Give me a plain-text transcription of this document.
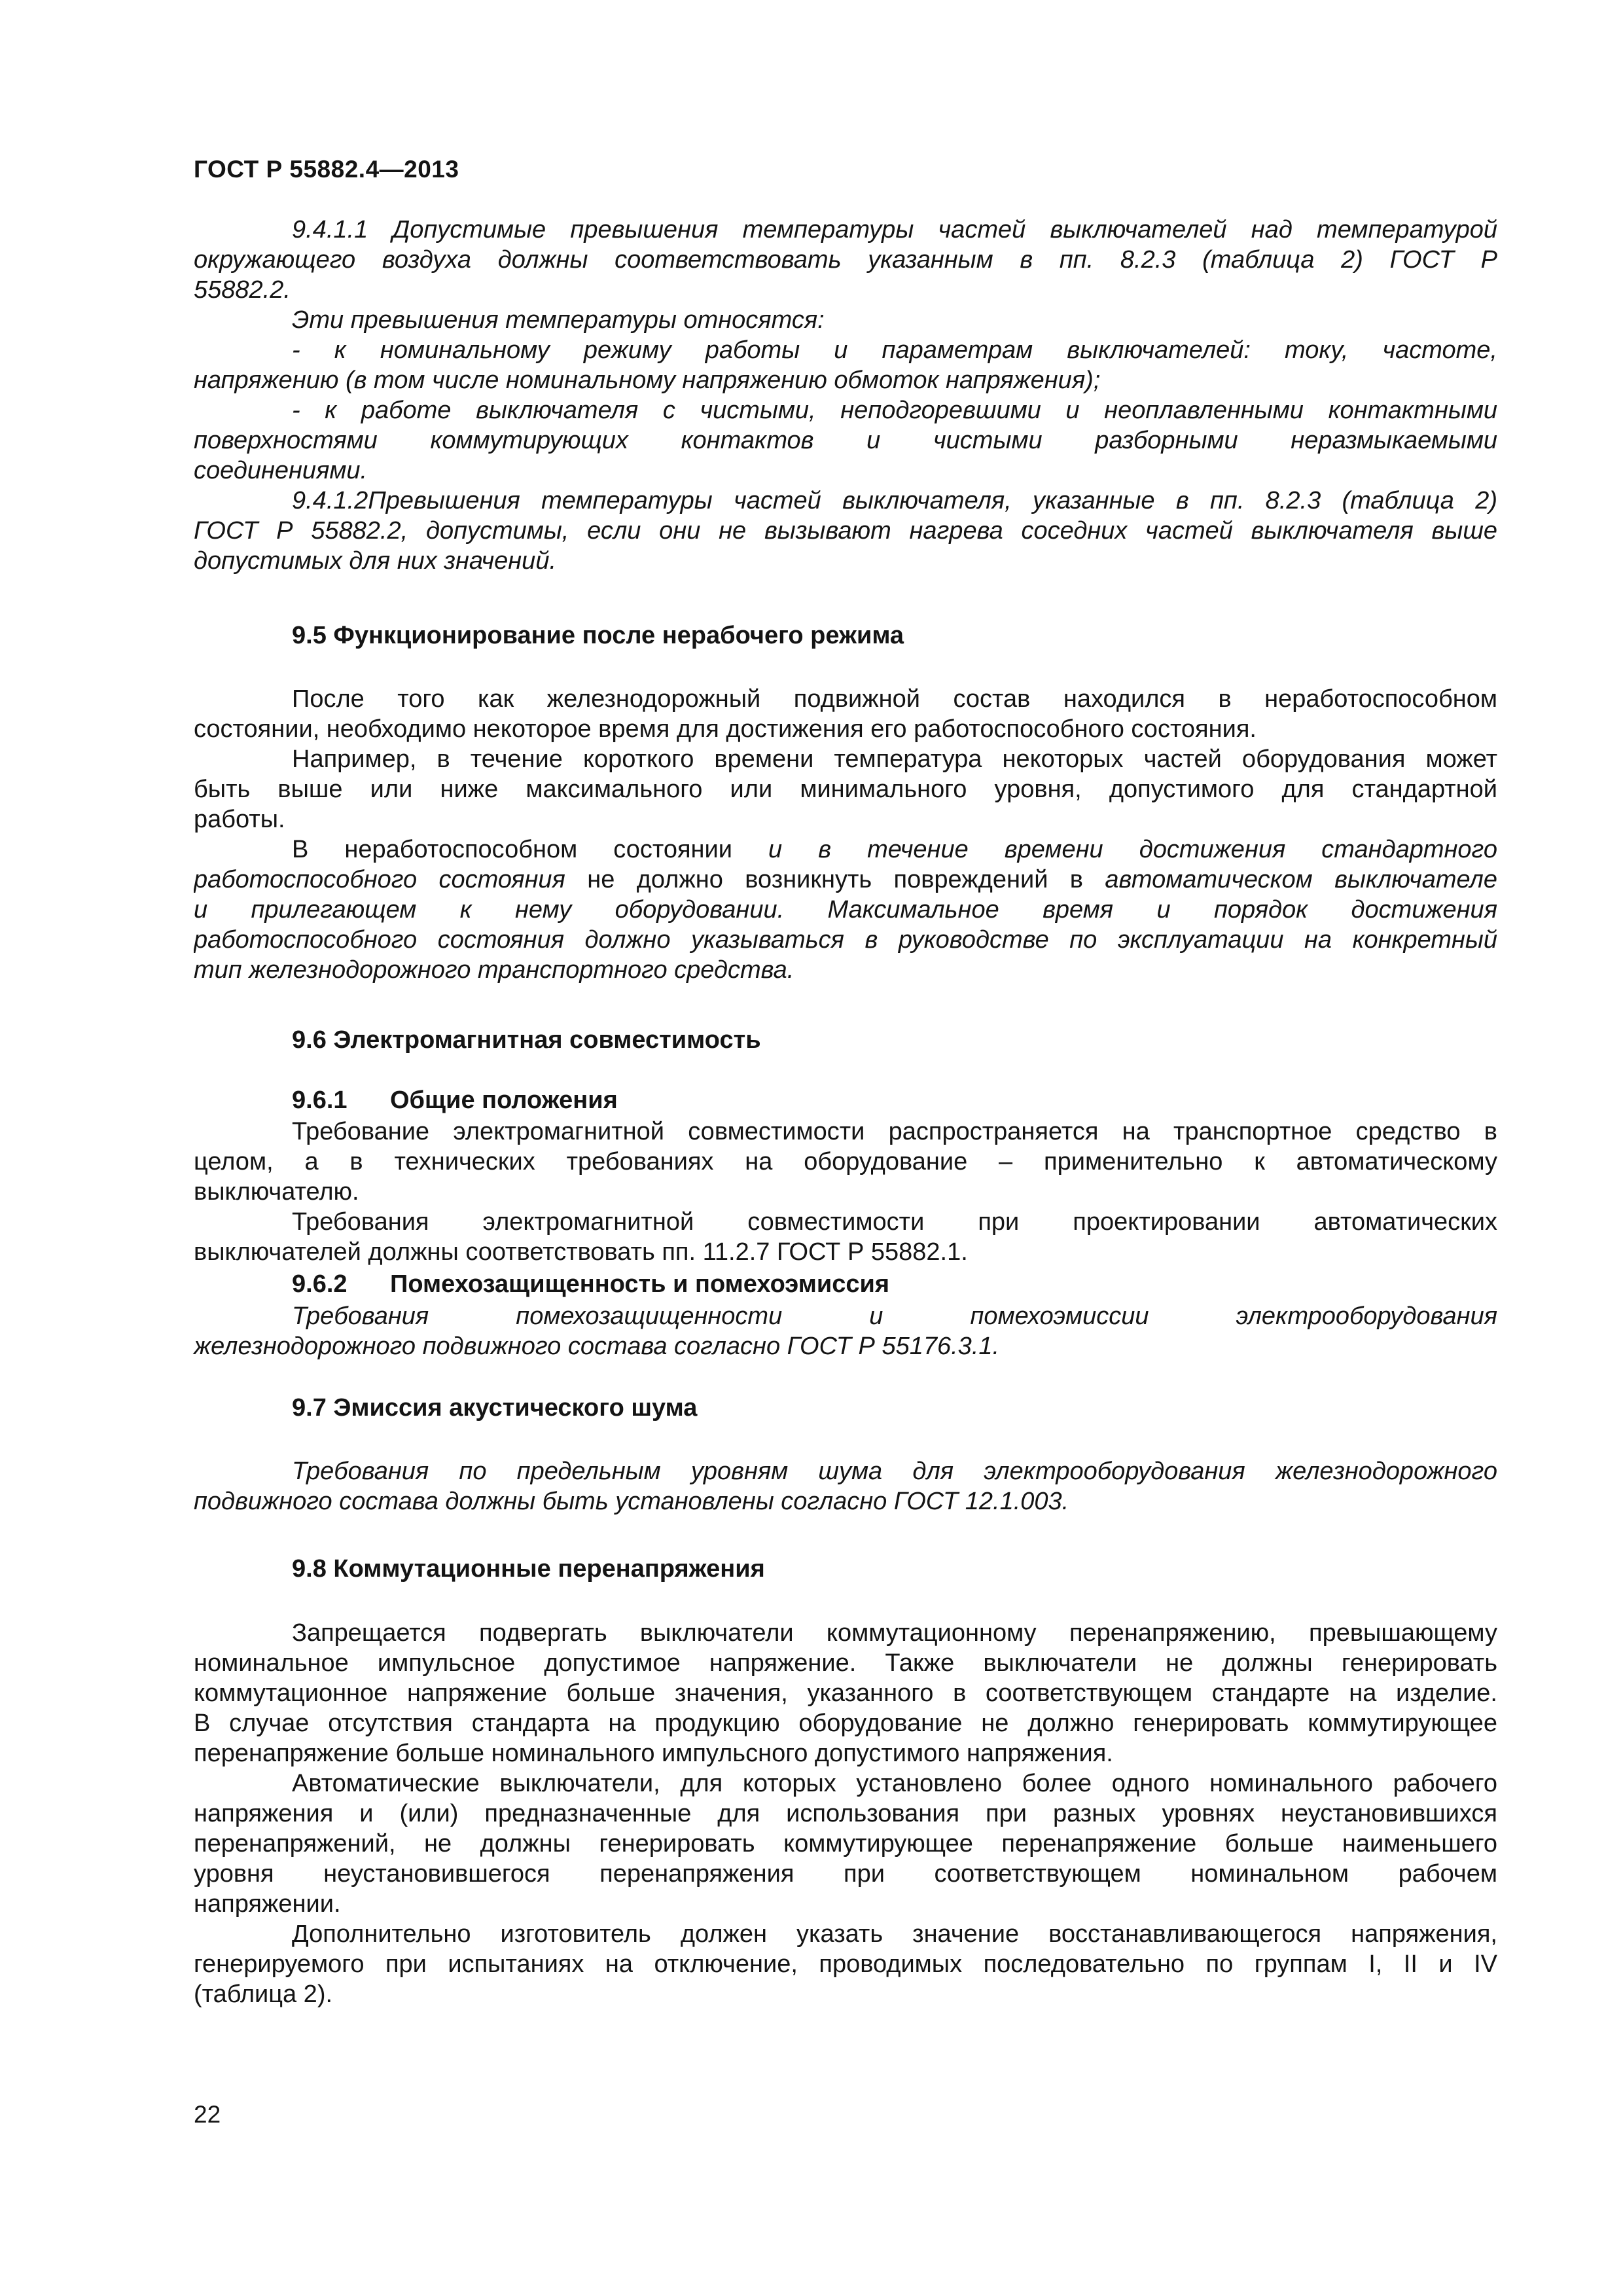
ГОСТ Р 55882.4—2013
9.4.1.1 Допустимые превышения температуры частей выключателей над температурой
окружающего воздуха должны соответствовать указанным в пп. 8.2.3 (таблица 2) ГОСТ Р
55882.2.
Эти превышения температуры относятся:
- к номинальному режиму работы и параметрам выключателей: току, частоте,
напряжению (в том числе номинальному напряжению обмоток напряжения);
- к работе выключателя с чистыми, неподгоревшими и неоплавленными контактными
поверхностями коммутирующих контактов и чистыми разборными неразмыкаемыми
соединениями.
9.4.1.2Превышения температуры частей выключателя, указанные в пп. 8.2.3 (таблица 2)
ГОСТ Р 55882.2, допустимы, если они не вызывают нагрева соседних частей выключателя выше
допустимых для них значений.
9.5 Функционирование после нерабочего режима
После того как железнодорожный подвижной состав находился в неработоспособном
состоянии, необходимо некоторое время для достижения его работоспособного состояния.
Например, в течение короткого времени температура некоторых частей оборудования может
быть выше или ниже максимального или минимального уровня, допустимого для стандартной
работы.
В неработоспособном состоянии и в течение времени достижения стандартного
работоспособного состояния не должно возникнуть повреждений в автоматическом выключателе
и прилегающем к нему оборудовании. Максимальное время и порядок достижения
работоспособного состояния должно указываться в руководстве по эксплуатации на конкретный
тип железнодорожного транспортного средства.
9.6 Электромагнитная совместимость
9.6.1 Общие положения
Требование электромагнитной совместимости распространяется на транспортное средство в
целом, а в технических требованиях на оборудование – применительно к автоматическому
выключателю.
Требования электромагнитной совместимости при проектировании автоматических
выключателей должны соответствовать пп. 11.2.7 ГОСТ Р 55882.1.
9.6.2 Помехозащищенность и помехоэмиссия
Требования помехозащищенности и помехоэмиссии электрооборудования
железнодорожного подвижного состава согласно ГОСТ Р 55176.3.1.
9.7 Эмиссия акустического шума
Требования по предельным уровням шума для электрооборудования железнодорожного
подвижного состава должны быть установлены согласно ГОСТ 12.1.003.
9.8 Коммутационные перенапряжения
Запрещается подвергать выключатели коммутационному перенапряжению, превышающему
номинальное импульсное допустимое напряжение. Также выключатели не должны генерировать
коммутационное напряжение больше значения, указанного в соответствующем стандарте на изделие.
В случае отсутствия стандарта на продукцию оборудование не должно генерировать коммутирующее
перенапряжение больше номинального импульсного допустимого напряжения.
Автоматические выключатели, для которых установлено более одного номинального рабочего
напряжения и (или) предназначенные для использования при разных уровнях неустановившихся
перенапряжений, не должны генерировать коммутирующее перенапряжение больше наименьшего
уровня неустановившегося перенапряжения при соответствующем номинальном рабочем
напряжении.
Дополнительно изготовитель должен указать значение восстанавливающегося напряжения,
генерируемого при испытаниях на отключение, проводимых последовательно по группам I, II и IV
(таблица 2).
22
